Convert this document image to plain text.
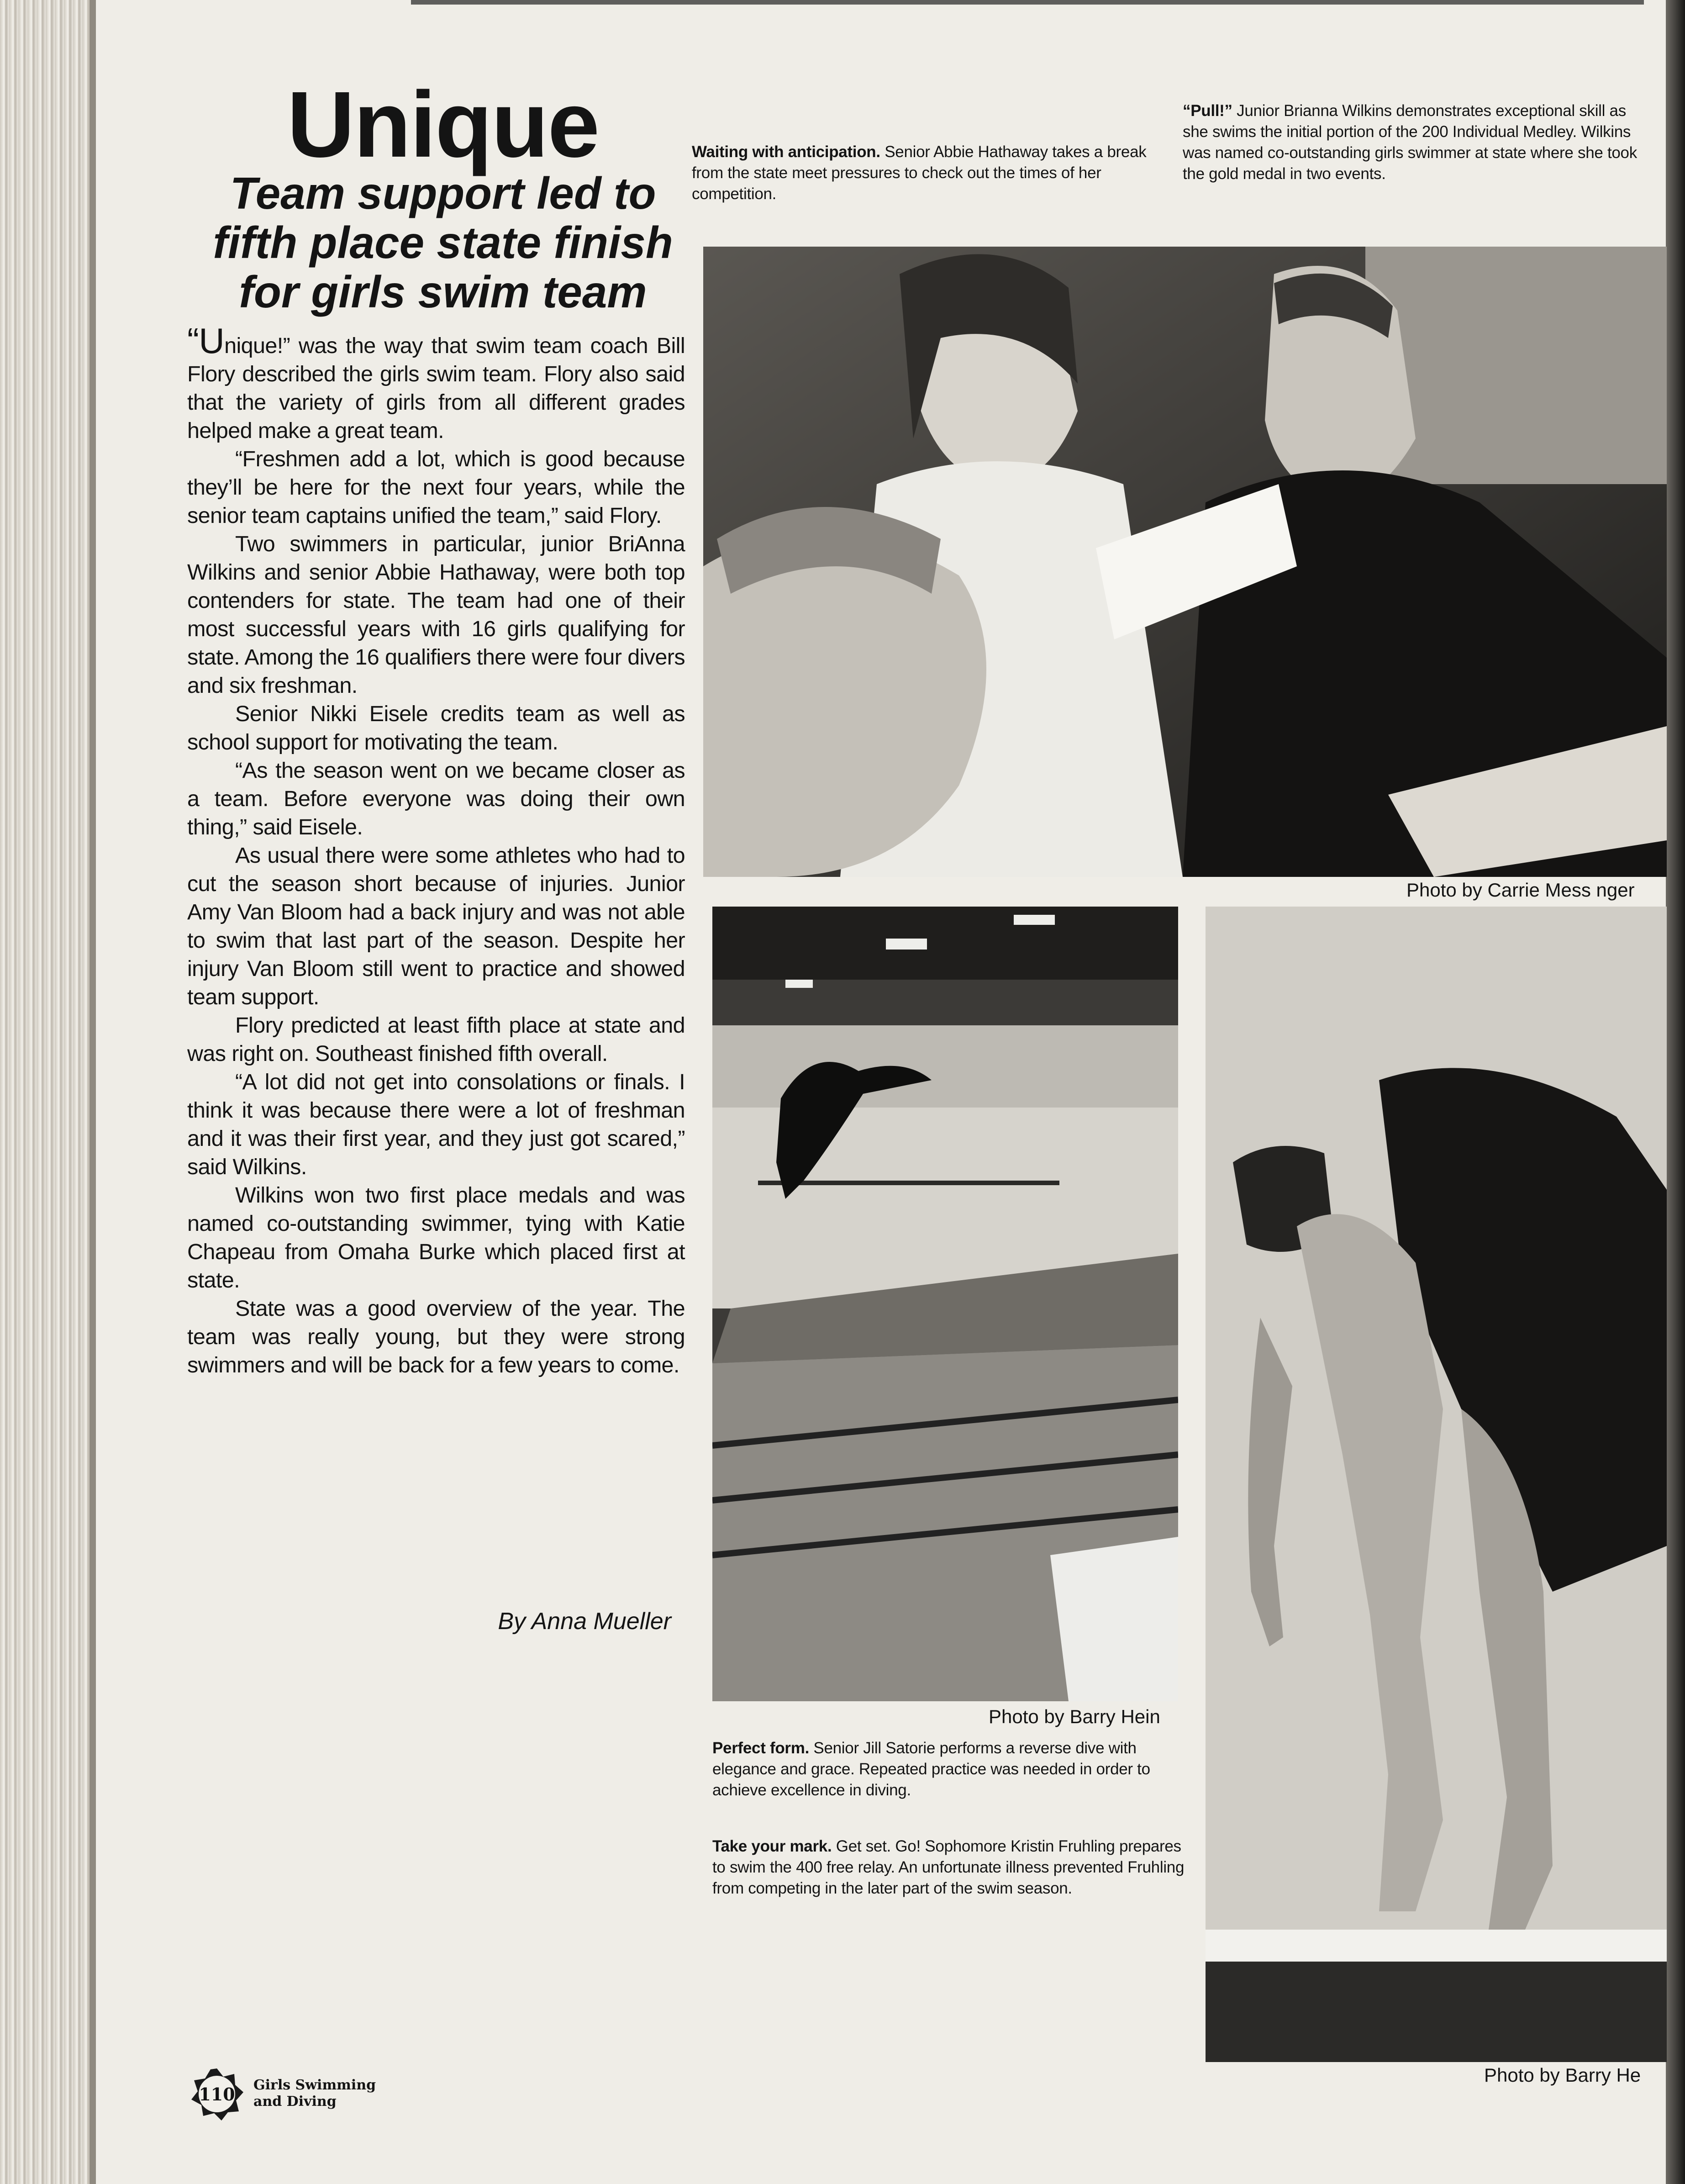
Unique
Team support led to
fifth place state finish
for girls swim team

“Unique!” was the way that swim team coach Bill Flory described the girls swim team. Flory also said that the variety of girls from all different grades helped make a great team.

“Freshmen add a lot, which is good because they’ll be here for the next four years, while the senior team captains unified the team,” said Flory.

Two swimmers in particular, junior BriAnna Wilkins and senior Abbie Hathaway, were both top contenders for state. The team had one of their most successful years with 16 girls qualifying for state. Among the 16 qualifiers there were four divers and six freshman.

Senior Nikki Eisele credits team as well as school support for motivating the team.

“As the season went on we became closer as a team. Before everyone was doing their own thing,” said Eisele.

As usual there were some athletes who had to cut the season short because of injuries. Junior Amy Van Bloom had a back injury and was not able to swim that last part of the season. Despite her injury Van Bloom still went to practice and showed team support.

Flory predicted at least fifth place at state and was right on. Southeast finished fifth overall.

“A lot did not get into consolations or finals. I think it was because there were a lot of freshman and it was their first year, and they just got scared,” said Wilkins.

Wilkins won two first place medals and was named co-outstanding swimmer, tying with Katie Chapeau from Omaha Burke which placed first at state.

State was a good overview of the year. The team was really young, but they were strong swimmers and will be back for a few years to come.

By Anna Mueller
Waiting with anticipation. Senior Abbie Hathaway takes a break from the state meet pressures to check out the times of her competition.
“Pull!” Junior Brianna Wilkins demonstrates exceptional skill as she swims the initial portion of the 200 Individual Medley. Wilkins was named co-outstanding girls swimmer at state where she took the gold medal in two events.
Photo by Carrie Mess nger
Photo by Barry Hein
Perfect form. Senior Jill Satorie performs a reverse dive with elegance and grace. Repeated practice was needed in order to achieve excellence in diving.
Take your mark. Get set. Go! Sophomore Kristin Fruhling prepares to swim the 400 free relay. An unfortunate illness prevented Fruhling from competing in the later part of the swim season.
Photo by Barry He
110 Girls Swimming
and Diving
